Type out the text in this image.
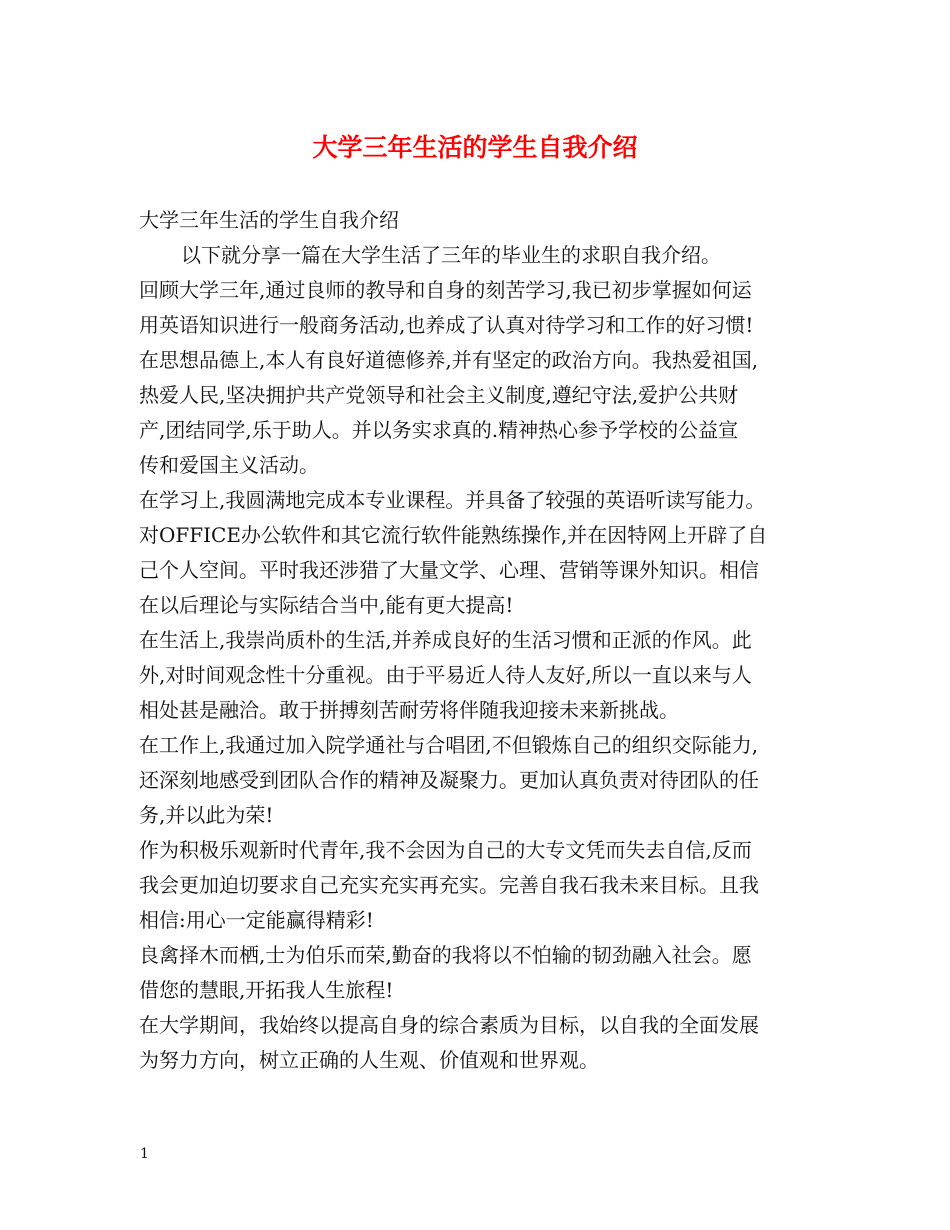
大学三年生活的学生自我介绍
大学三年生活的学生自我介绍
以下就分享一篇在大学生活了三年的毕业生的求职自我介绍。
回顾大学三年,通过良师的教导和自身的刻苦学习,我已初步掌握如何运
用英语知识进行一般商务活动,也养成了认真对待学习和工作的好习惯!
在思想品德上,本人有良好道德修养,并有坚定的政治方向。我热爱祖国,
热爱人民,坚决拥护共产党领导和社会主义制度,遵纪守法,爱护公共财
产,团结同学,乐于助人。并以务实求真的.精神热心参予学校的公益宣
传和爱国主义活动。
在学习上,我圆满地完成本专业课程。并具备了较强的英语听读写能力。
对OFFICE办公软件和其它流行软件能熟练操作,并在因特网上开辟了自
己个人空间。平时我还涉猎了大量文学、心理、营销等课外知识。相信
在以后理论与实际结合当中,能有更大提高!
在生活上,我崇尚质朴的生活,并养成良好的生活习惯和正派的作风。此
外,对时间观念性十分重视。由于平易近人待人友好,所以一直以来与人
相处甚是融洽。敢于拼搏刻苦耐劳将伴随我迎接未来新挑战。
在工作上,我通过加入院学通社与合唱团,不但锻炼自己的组织交际能力,
还深刻地感受到团队合作的精神及凝聚力。更加认真负责对待团队的任
务,并以此为荣!
作为积极乐观新时代青年,我不会因为自己的大专文凭而失去自信,反而
我会更加迫切要求自己充实充实再充实。完善自我石我未来目标。且我
相信:用心一定能赢得精彩!
良禽择木而栖,士为伯乐而荣,勤奋的我将以不怕输的韧劲融入社会。愿
借您的慧眼,开拓我人生旅程!
在大学期间，我始终以提高自身的综合素质为目标，以自我的全面发展
为努力方向，树立正确的人生观、价值观和世界观。
1
